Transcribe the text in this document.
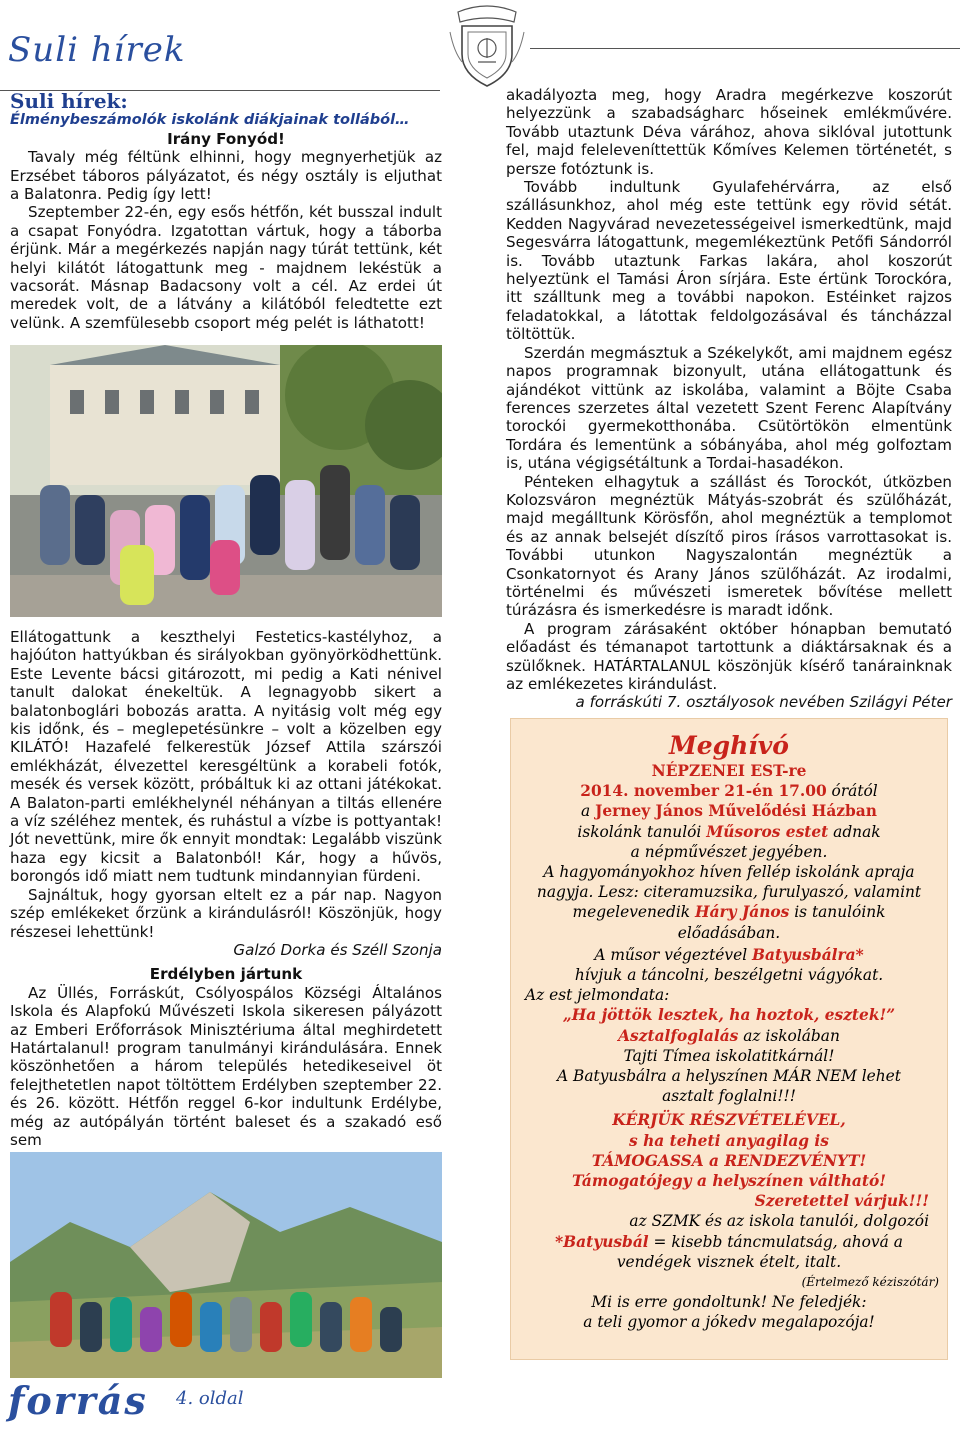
Suli hírek
Suli hírek:
Élménybeszámolók iskolánk diákjainak tollából…
Irány Fonyód!

Tavaly még féltünk elhinni, hogy megnyerhetjük az Erzsébet táboros pályázatot, és négy osztály is eljuthat a Balatonra. Pedig így lett!

Szeptember 22-én, egy esős hétfőn, két busszal indult a csapat Fonyódra. Izgatottan vártuk, hogy a táborba érjünk. Már a megérkezés napján nagy túrát tettünk, két helyi kilátót látogattunk meg - majdnem lekéstük a vacsorát. Másnap Badacsony volt a cél. Az erdei út meredek volt, de a látvány a kilátóból feledtette ezt velünk. A szemfülesebb csoport még pelét is láthatott!

Ellátogattunk a keszthelyi Festetics-kastélyhoz, a hajóúton hattyúkban és sirályokban gyönyörködhettünk. Este Levente bácsi gitározott, mi pedig a Kati nénivel tanult dalokat énekeltük. A legnagyobb sikert a balatonboglári bobozás aratta. A nyitásig volt még egy kis időnk, és – meglepetésünkre – volt a közelben egy KILÁTÓ! Hazafelé felkerestük József Attila szárszói emlékházát, élvezettel keresgéltünk a korabeli fotók, mesék és versek között, próbáltuk ki az ottani játékokat. A Balaton-parti emlékhelynél néhányan a tiltás ellenére a víz széléhez mentek, és ruhástul a vízbe is pottyantak! Jót nevettünk, mire ők ennyit mondtak: Legalább viszünk haza egy kicsit a Balatonból! Kár, hogy a hűvös, borongós idő miatt nem tudtunk mindannyian fürdeni.

Sajnáltuk, hogy gyorsan eltelt ez a pár nap. Nagyon szép emlékeket őrzünk a kirándulásról! Köszönjük, hogy részesei lehettünk!

Galzó Dorka és Széll Szonja

Erdélyben jártunk

Az Üllés, Forráskút, Csólyospálos Községi Általános Iskola és Alapfokú Művészeti Iskola sikeresen pályázott az Emberi Erőforrások Minisztériuma által meghirdetett Határtalanul! program tanulmányi kirándulására. Ennek köszönhetően a három település hetedikeseivel öt felejthetetlen napot töltöttem Erdélyben szeptember 22. és 26. között. Hétfőn reggel 6-kor indultunk Erdélybe, még az autópályán történt baleset és a szakadó eső sem

akadályozta meg, hogy Aradra megérkezve koszorút helyezzünk a szabadságharc hőseinek emlékművére. Tovább utaztunk Déva várához, ahova siklóval jutottunk fel, majd feleleveníttettük Kőmíves Kelemen történetét, s persze fotóztunk is.

Tovább indultunk Gyulafehérvárra, az első szállásunkhoz, ahol még este tettünk egy rövid sétát. Kedden Nagyvárad nevezetességeivel ismerkedtünk, majd Segesvárra látogattunk, megemlékeztünk Petőfi Sándorról is. Tovább utaztunk Farkas lakára, ahol koszorút helyeztünk el Tamási Áron sírjára. Este értünk Torockóra, itt szálltunk meg a további napokon. Estéinket rajzos feladatokkal, a látottak feldolgozásával és táncházzal töltöttük.

Szerdán megmásztuk a Székelykőt, ami majdnem egész napos programnak bizonyult, utána ellátogattunk és ajándékot vittünk az iskolába, valamint a Böjte Csaba ferences szerzetes által vezetett Szent Ferenc Alapítvány torockói gyermekotthonába. Csütörtökön elmentünk Tordára és lementünk a sóbányába, ahol még golfoztam is, utána végigsétáltunk a Tordai-hasadékon.

Pénteken elhagytuk a szállást és Torockót, útközben Kolozsváron megnéztük Mátyás-szobrát és szülőházát, majd megálltunk Körösfőn, ahol megnéztük a templomot és az annak belsejét díszítő piros írásos varrottasokat is. További utunkon Nagyszalontán megnéztük a Csonkatornyot és Arany János szülőházát. Az irodalmi, történelmi és művészeti ismeretek bővítése mellett túrázásra és ismerkedésre is maradt időnk.

A program zárásaként október hónapban bemutató előadást és témanapot tartottunk a diáktársaknak és a szülőknek. HATÁRTALANUL köszönjük kísérő tanárainknak az emlékezetes kirándulást.

a forráskúti 7. osztályosok nevében Szilágyi Péter

Meghívó
NÉPZENEI EST-re
2014. november 21-én 17.00 órától
a Jerney János Művelődési Házban
iskolánk tanulói Műsoros estet adnak
a népművészet jegyében.
A hagyományokhoz híven fellép iskolánk apraja nagyja. Lesz: citeramuzsika, furulyaszó, valamint megelevenedik Háry János is tanulóink előadásában.
A műsor végeztével Batyusbálra*
hívjuk a táncolni, beszélgetni vágyókat.
Az est jelmondata:
„Ha jöttök lesztek, ha hoztok, esztek!”
Asztalfoglalás az iskolában
Tajti Tímea iskolatitkárnál!
A Batyusbálra a helyszínen MÁR NEM lehet asztalt foglalni!!!
KÉRJÜK RÉSZVÉTELÉVEL,
s ha teheti anyagilag is
TÁMOGASSA a RENDEZVÉNYT!
Támogatójegy a helyszínen váltható!
Szeretettel várjuk!!!
az SZMK és az iskola tanulói, dolgozói
*Batyusbál = kisebb táncmulatság, ahová a vendégek visznek ételt, italt.
(Értelmező kéziszótár)
Mi is erre gondoltunk! Ne feledjék:
a teli gyomor a jókedv megalapozója!
forrás 4. oldal
